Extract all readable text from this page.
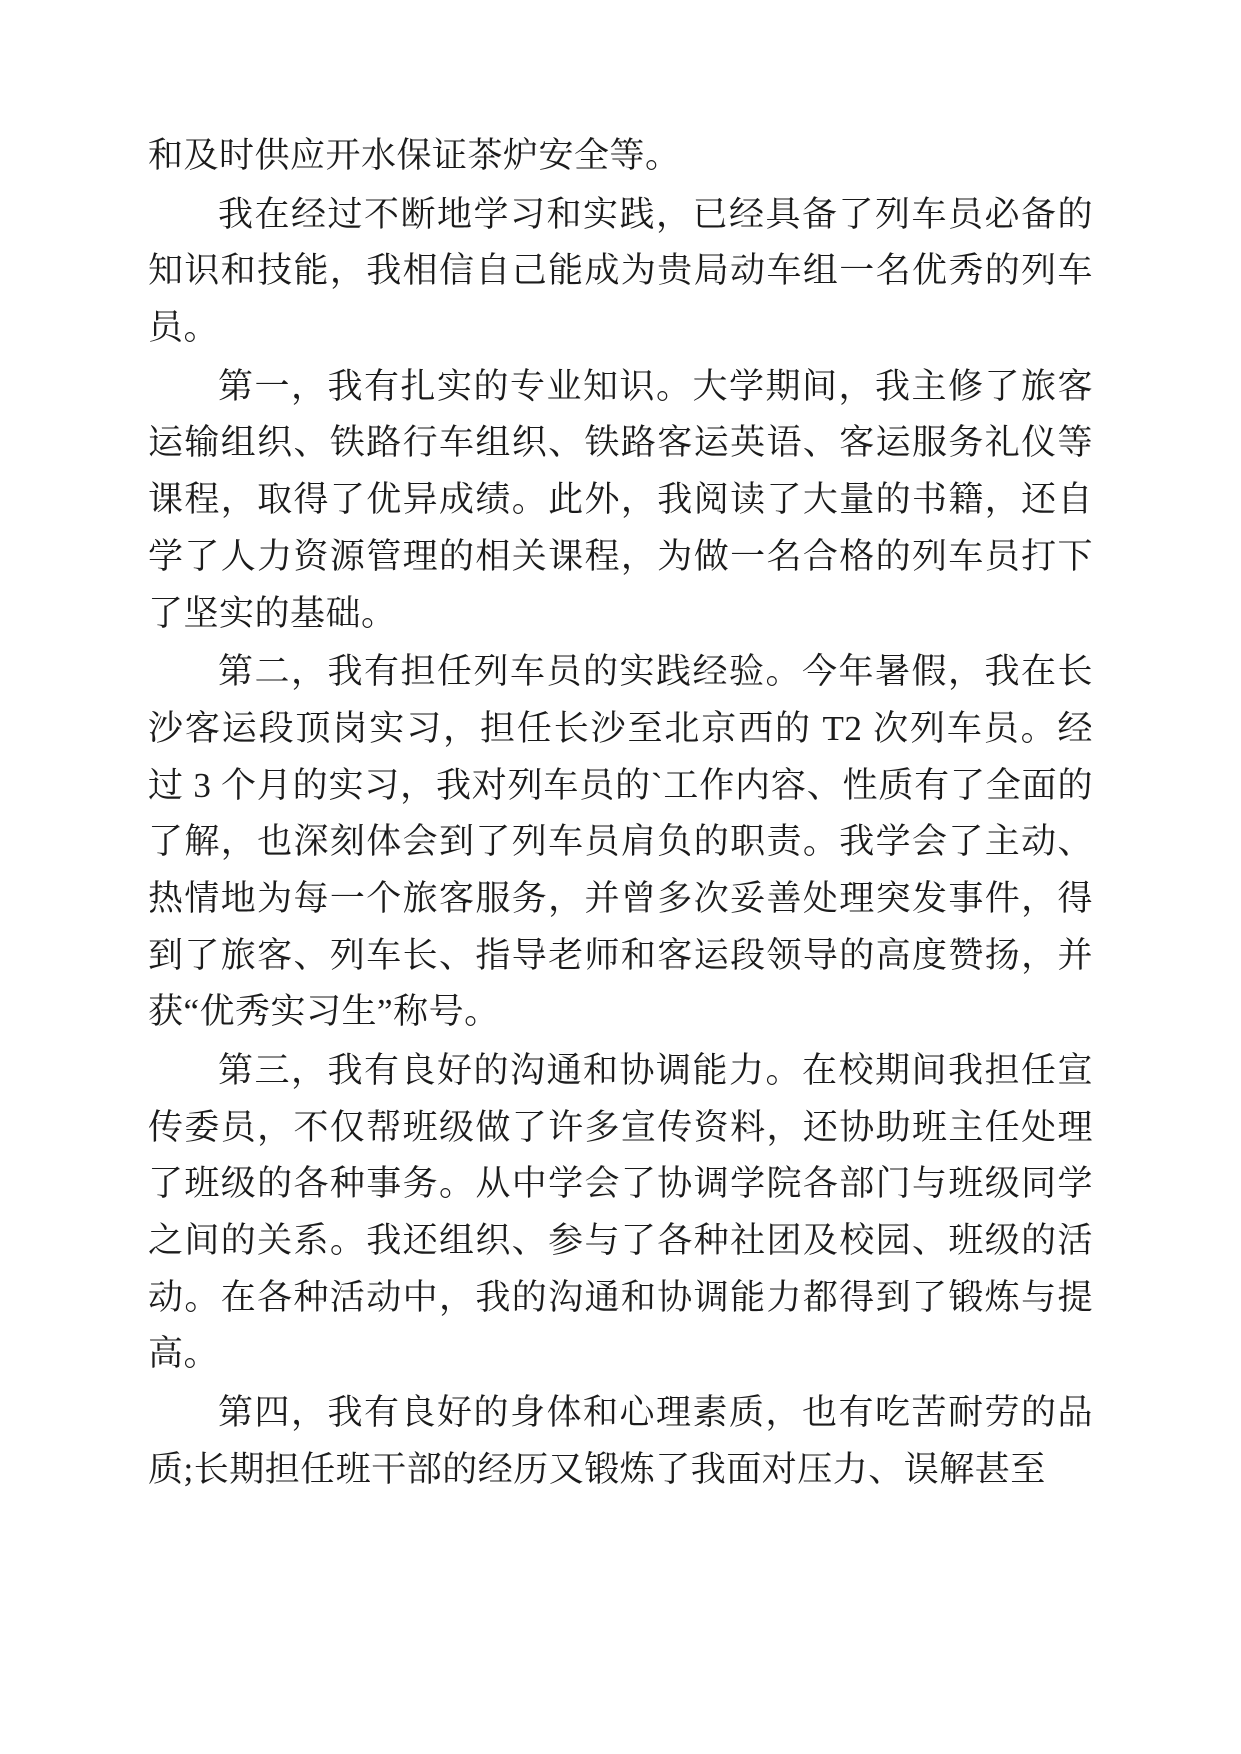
和及时供应开水保证茶炉安全等。

我在经过不断地学习和实践，已经具备了列车员必备的知识和技能，我相信自己能成为贵局动车组一名优秀的列车员。

第一，我有扎实的专业知识。大学期间，我主修了旅客运输组织、铁路行车组织、铁路客运英语、客运服务礼仪等课程，取得了优异成绩。此外，我阅读了大量的书籍，还自学了人力资源管理的相关课程，为做一名合格的列车员打下了坚实的基础。

第二，我有担任列车员的实践经验。今年暑假，我在长沙客运段顶岗实习，担任长沙至北京西的 T2 次列车员。经过 3 个月的实习，我对列车员的`工作内容、性质有了全面的了解，也深刻体会到了列车员肩负的职责。我学会了主动、热情地为每一个旅客服务，并曾多次妥善处理突发事件，得到了旅客、列车长、指导老师和客运段领导的高度赞扬，并获“优秀实习生”称号。

第三，我有良好的沟通和协调能力。在校期间我担任宣传委员，不仅帮班级做了许多宣传资料，还协助班主任处理了班级的各种事务。从中学会了协调学院各部门与班级同学之间的关系。我还组织、参与了各种社团及校园、班级的活动。在各种活动中，我的沟通和协调能力都得到了锻炼与提高。

第四，我有良好的身体和心理素质，也有吃苦耐劳的品质;长期担任班干部的经历又锻炼了我面对压力、误解甚至
